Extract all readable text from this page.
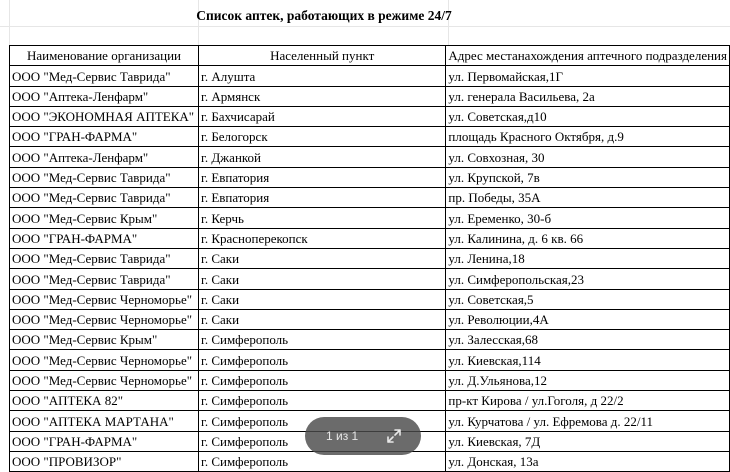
Список аптек, работающих в режиме 24/7
Наименование организации	Населенный пункт	Адрес местанахождения аптечного подразделения
ООО "Мед-Сервис Таврида"	г. Алушта	ул. Первомайская,1Г
ООО "Аптека-Ленфарм"	г. Армянск	ул. генерала Васильева, 2а
ООО "ЭКОНОМНАЯ АПТЕКА"	г. Бахчисарай	ул. Советская,д10
ООО "ГРАН-ФАРМА"	г. Белогорск	площадь Красного Октября, д.9
ООО "Аптека-Ленфарм"	г. Джанкой	ул. Совхозная, 30
ООО "Мед-Сервис Таврида"	г. Евпатория	ул. Крупской, 7в
ООО "Мед-Сервис Таврида"	г. Евпатория	пр. Победы, 35А
ООО "Мед-Сервис Крым"	г. Керчь	ул. Еременко, 30-б
ООО "ГРАН-ФАРМА"	г. Красноперекопск	ул. Калинина, д. 6 кв. 66
ООО "Мед-Сервис Таврида"	г. Саки	ул. Ленина,18
ООО "Мед-Сервис Таврида"	г. Саки	ул. Симферопольская,23
ООО "Мед-Сервис Черноморье"	г. Саки	ул. Советская,5
ООО "Мед-Сервис Черноморье"	г. Саки	ул. Революции,4А
ООО "Мед-Сервис Крым"	г. Симферополь	ул. Залесская,68
ООО "Мед-Сервис Черноморье"	г. Симферополь	ул. Киевская,114
ООО "Мед-Сервис Черноморье"	г. Симферополь	ул. Д.Ульянова,12
ООО "АПТЕКА 82"	г. Симферополь	пр-кт Кирова / ул.Гоголя, д 22/2
ООО "АПТЕКА МАРТАНА"	г. Симферополь	ул. Курчатова / ул. Ефремова д. 22/11
ООО "ГРАН-ФАРМА"	г. Симферополь	ул. Киевская, 7Д
ООО "ПРОВИЗОР"	г. Симферополь	ул. Донская, 13а
1 из 1
